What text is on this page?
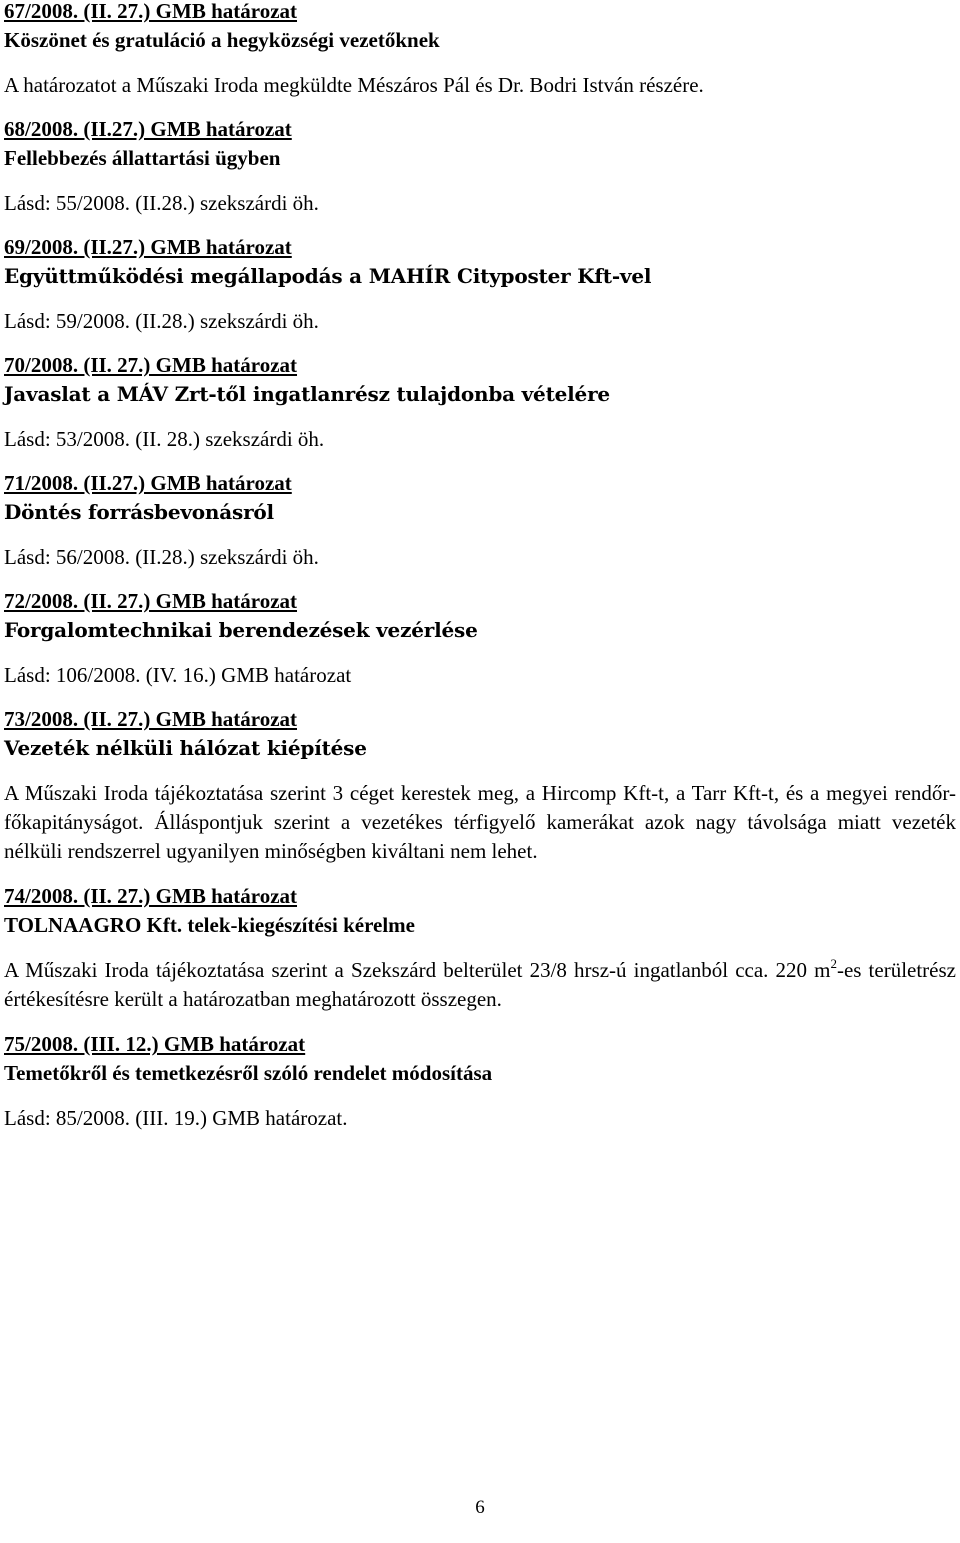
67/2008. (II. 27.) GMB határozat

Köszönet és gratuláció a hegyközségi vezetőknek

A határozatot a Műszaki Iroda megküldte Mészáros Pál és Dr. Bodri István részére.

68/2008. (II.27.) GMB határozat

Fellebbezés állattartási ügyben

Lásd: 55/2008. (II.28.) szekszárdi öh.

69/2008. (II.27.) GMB határozat

Együttműködési megállapodás a MAHÍR Cityposter Kft-vel

Lásd: 59/2008. (II.28.) szekszárdi öh.

70/2008. (II. 27.) GMB határozat

Javaslat a MÁV Zrt-től ingatlanrész tulajdonba vételére

Lásd: 53/2008. (II. 28.) szekszárdi öh.

71/2008. (II.27.) GMB határozat

Döntés forrásbevonásról

Lásd: 56/2008. (II.28.) szekszárdi öh.

72/2008. (II. 27.) GMB határozat

Forgalomtechnikai berendezések vezérlése

Lásd: 106/2008. (IV. 16.) GMB határozat

73/2008. (II. 27.) GMB határozat

Vezeték nélküli hálózat kiépítése

A Műszaki Iroda tájékoztatása szerint 3 céget kerestek meg, a Hircomp Kft-t, a Tarr Kft-t, és a megyei rendőr-főkapitányságot. Álláspontjuk szerint a vezetékes térfigyelő kamerákat azok nagy távolsága miatt vezeték nélküli rendszerrel ugyanilyen minőségben kiváltani nem lehet.

74/2008. (II. 27.) GMB határozat

TOLNAAGRO Kft. telek-kiegészítési kérelme

A Műszaki Iroda tájékoztatása szerint a Szekszárd belterület 23/8 hrsz-ú ingatlanból cca. 220 $m^2-es$ területrész értékesítésre került a határozatban meghatározott összegen.

75/2008. (III. 12.) GMB határozat

Temetőkről és temetkezésről szóló rendelet módosítása

Lásd: 85/2008. (III. 19.) GMB határozat.

6
